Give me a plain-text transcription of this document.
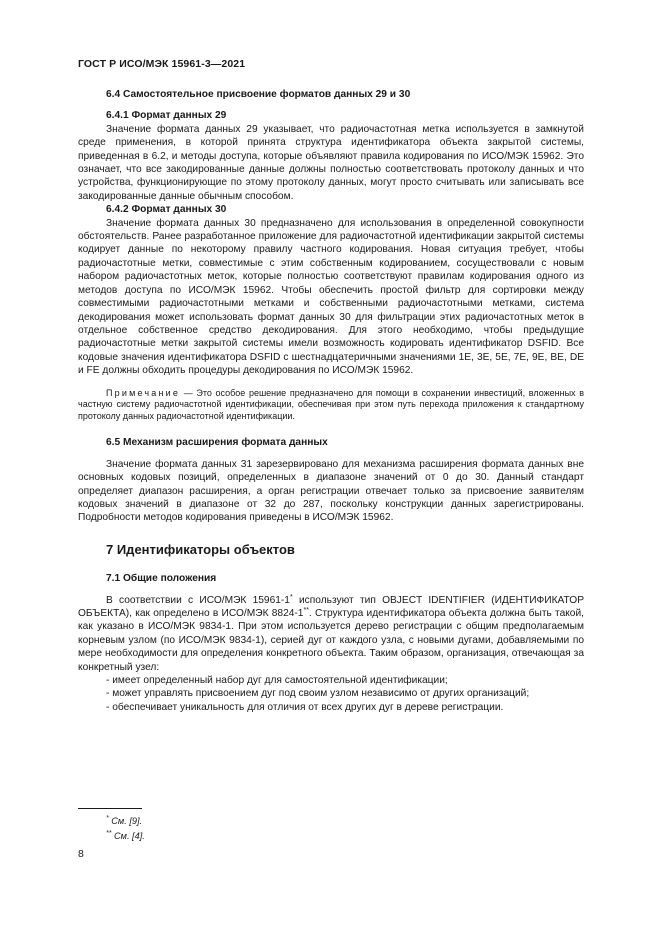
ГОСТ Р ИСО/МЭК 15961-3—2021
6.4 Самостоятельное присвоение форматов данных 29 и 30
6.4.1 Формат данных 29

Значение формата данных 29 указывает, что радиочастотная метка используется в замкнутой среде применения, в которой принята структура идентификатора объекта закрытой системы, приведенная в 6.2, и методы доступа, которые объявляют правила кодирования по ИСО/МЭК 15962. Это означает, что все закодированные данные должны полностью соответствовать протоколу данных и что устройства, функционирующие по этому протоколу данных, могут просто считывать или записывать все закодированные данные обычным способом.

6.4.2 Формат данных 30

Значение формата данных 30 предназначено для использования в определенной совокупности обстоятельств. Ранее разработанное приложение для радиочастотной идентификации закрытой системы кодирует данные по некоторому правилу частного кодирования. Новая ситуация требует, чтобы радиочастотные метки, совместимые с этим собственным кодированием, сосуществовали с новым набором радиочастотных меток, которые полностью соответствуют правилам кодирования одного из методов доступа по ИСО/МЭК 15962. Чтобы обеспечить простой фильтр для сортировки между совместимыми радиочастотными метками и собственными радиочастотными метками, система декодирования может использовать формат данных 30 для фильтрации этих радиочастотных меток в отдельное собственное средство декодирования. Для этого необходимо, чтобы предыдущие радиочастотные метки закрытой системы имели возможность кодировать идентификатор DSFID. Все кодовые значения идентификатора DSFID с шестнадцатеричными значениями 1E, 3E, 5E, 7E, 9E, BE, DE и FE должны обходить процедуры декодирования по ИСО/МЭК 15962.

Примечание — Это особое решение предназначено для помощи в сохранении инвестиций, вложенных в частную систему радиочастотной идентификации, обеспечивая при этом путь перехода приложения к стандартному протоколу данных радиочастотной идентификации.

6.5 Механизм расширения формата данных

Значение формата данных 31 зарезервировано для механизма расширения формата данных вне основных кодовых позиций, определенных в диапазоне значений от 0 до 30. Данный стандарт определяет диапазон расширения, а орган регистрации отвечает только за присвоение заявителям кодовых значений в диапазоне от 32 до 287, поскольку конструкции данных зарегистрированы. Подробности методов кодирования приведены в ИСО/МЭК 15962.

7 Идентификаторы объектов
7.1 Общие положения

В соответствии с ИСО/МЭК 15961-1* используют тип OBJECT IDENTIFIER (ИДЕНТИФИКАТОР ОБЪЕКТА), как определено в ИСО/МЭК 8824-1**. Структура идентификатора объекта должна быть такой, как указано в ИСО/МЭК 9834-1. При этом используется дерево регистрации с общим предполагаемым корневым узлом (по ИСО/МЭК 9834-1), серией дуг от каждого узла, с новыми дугами, добавляемыми по мере необходимости для определения конкретного объекта. Таким образом, организация, отвечающая за конкретный узел:

- имеет определенный набор дуг для самостоятельной идентификации;
- может управлять присвоением дуг под своим узлом независимо от других организаций;
- обеспечивает уникальность для отличия от всех других дуг в дереве регистрации.
* См. [9].
** См. [4].
8
